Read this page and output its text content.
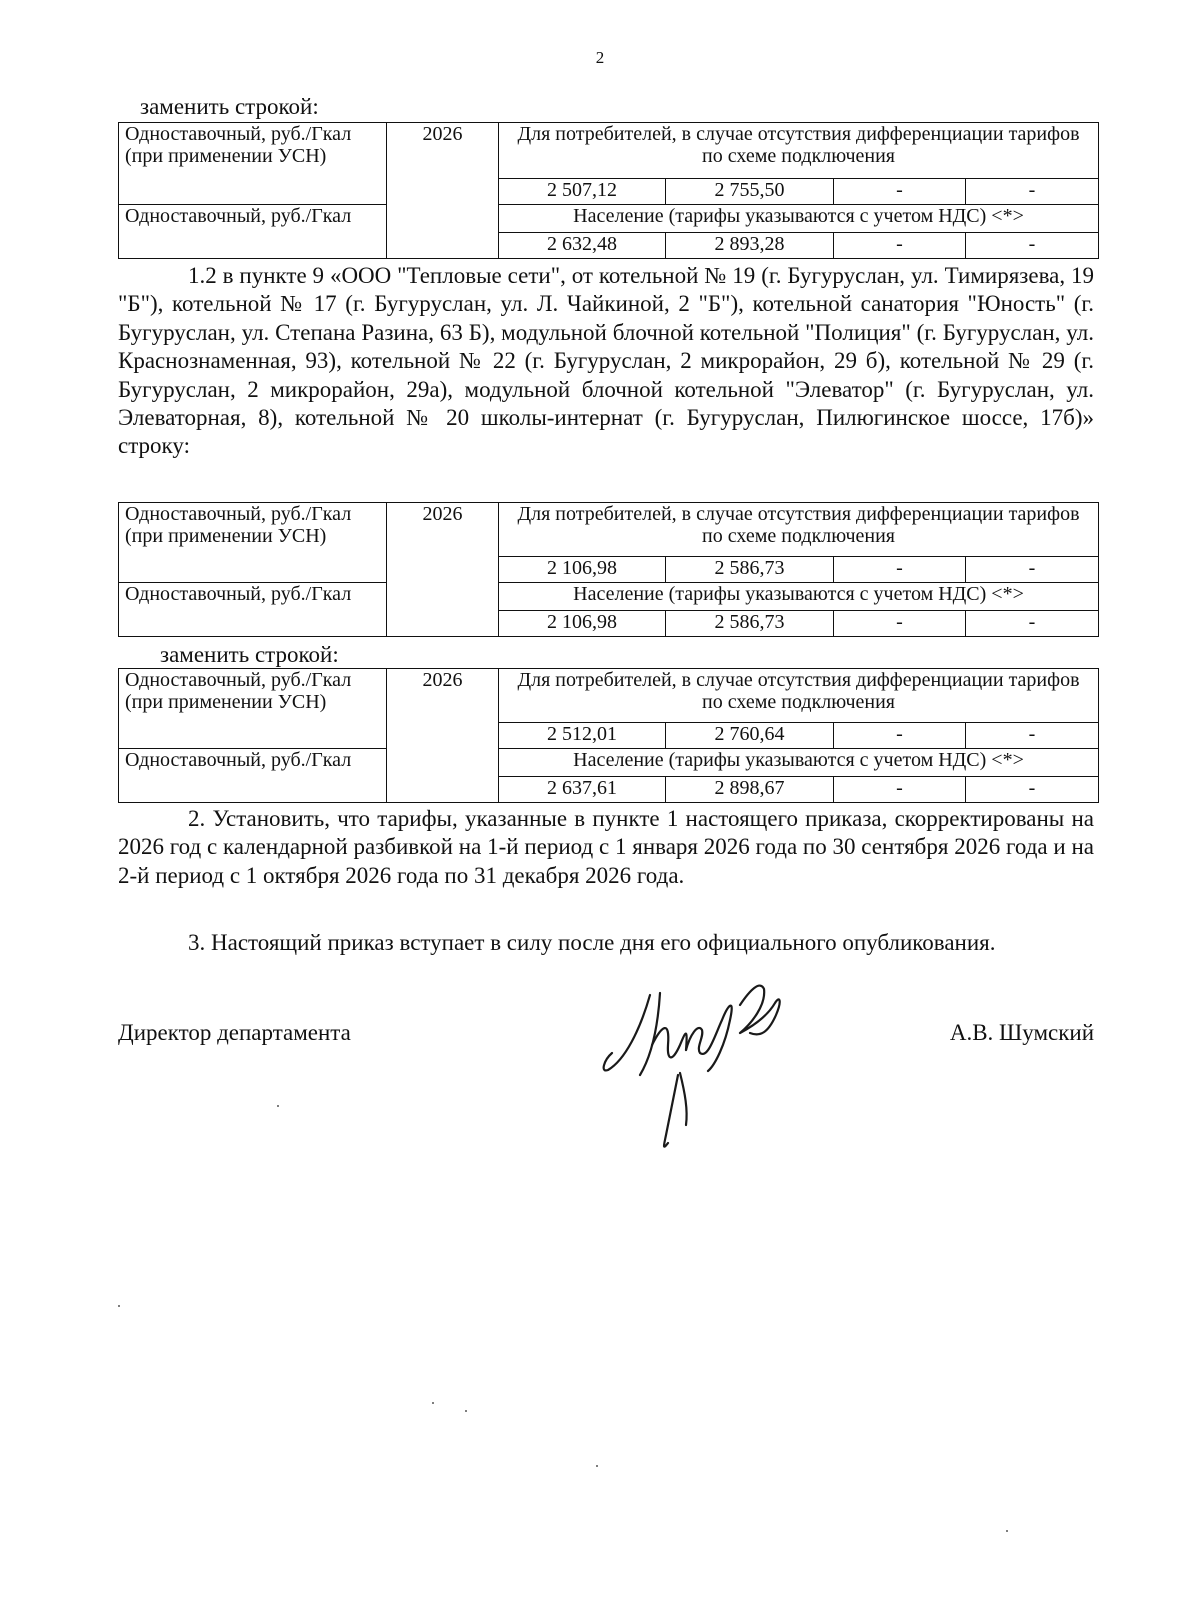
2
заменить строкой:
Одноставочный, руб./Гкал (при применении УСН)	2026	Для потребителей, в случае отсутствия дифференциации тарифов по схеме подключения			
		2 507,12	2 755,50	-	-
Одноставочный, руб./Гкал		Население (тарифы указываются с учетом НДС) <*>			
		2 632,48	2 893,28	-	-

1.2 в пункте 9 «ООО "Тепловые сети", от котельной № 19 (г. Бугуруслан, ул. Тимирязева, 19 "Б"), котельной № 17 (г. Бугуруслан, ул. Л. Чайкиной, 2 "Б"), котельной санатория "Юность" (г. Бугуруслан, ул. Степана Разина, 63 Б), модульной блочной котельной "Полиция" (г. Бугуруслан, ул. Краснознаменная, 93), котельной № 22 (г. Бугуруслан, 2 микрорайон, 29 б), котельной № 29 (г. Бугуруслан, 2 микрорайон, 29а), модульной блочной котельной "Элеватор" (г. Бугуруслан, ул. Элеваторная, 8), котельной № 20 школы-интернат (г. Бугуруслан, Пилюгинское шоссе, 17б)» строку:

Одноставочный, руб./Гкал (при применении УСН)	2026	Для потребителей, в случае отсутствия дифференциации тарифов по схеме подключения			
		2 106,98	2 586,73	-	-
Одноставочный, руб./Гкал		Население (тарифы указываются с учетом НДС) <*>			
		2 106,98	2 586,73	-	-
заменить строкой:
Одноставочный, руб./Гкал (при применении УСН)	2026	Для потребителей, в случае отсутствия дифференциации тарифов по схеме подключения			
		2 512,01	2 760,64	-	-
Одноставочный, руб./Гкал		Население (тарифы указываются с учетом НДС) <*>			
		2 637,61	2 898,67	-	-

2. Установить, что тарифы, указанные в пункте 1 настоящего приказа, скорректированы на 2026 год с календарной разбивкой на 1-й период с 1 января 2026 года по 30 сентября 2026 года и на 2-й период с 1 октября 2026 года по 31 декабря 2026 года.

3. Настоящий приказ вступает в силу после дня его официального опубликования.

Директор департамента	А.В. Шумский
